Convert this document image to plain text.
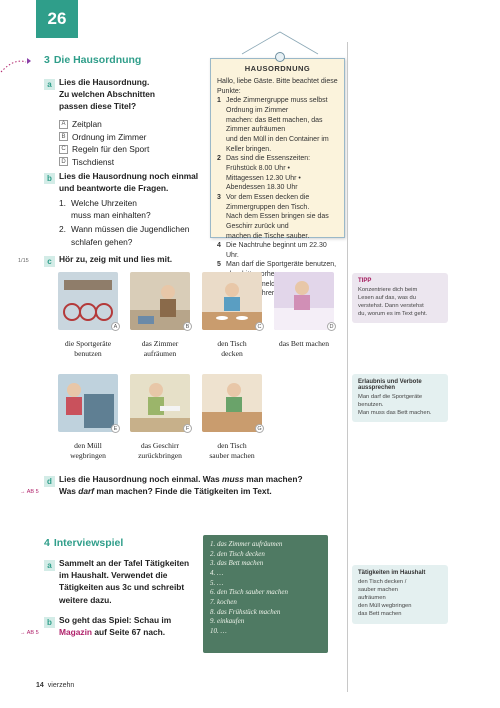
26
3 Die Hausordnung
a Lies die Hausordnung.
Zu welchen Abschnitten
passen diese Titel?
A Zeitplan
B Ordnung im Zimmer
C Regeln für den Sport
D Tischdienst
b Lies die Hausordnung noch einmal
und beantworte die Fragen.
1. Welche Uhrzeiten
muss man einhalten?
2. Wann müssen die Jugendlichen
schlafen gehen?
HAUSORDNUNG
Hallo, liebe Gäste. Bitte beachtet diese Punkte:
1 Jede Zimmergruppe muss selbst Ordnung im Zimmer
machen: das Bett machen, das Zimmer aufräumen
und den Müll in den Container im Keller bringen.
2 Das sind die Essenszeiten: Frühstück 8.00 Uhr •
Mittagessen 12.30 Uhr • Abendessen 18.30 Uhr
3 Vor dem Essen decken die Zimmergruppen den Tisch.
Nach dem Essen bringen sie das Geschirr zurück und
machen die Tische sauber.
4 Die Nachtruhe beginnt um 22.30 Uhr.
5 Man darf die Sportgeräte benutzen, vorher
anmelden!
1/15	c Hör zu, zeig mit und lies mit.
A	B	C	D
die Sportgeräte
benutzen
das Zimmer
aufräumen
den Tisch
decken
das Bett machen
E	F	G
den Müll
wegbringen
das Geschirr
zurückbringen
den Tisch
sauber machen
d Lies die Hausordnung noch einmal. Was muss man machen?
Was darf man machen? Finde die Tätigkeiten im Text.
→ AB 5
4 Interviewspiel
a Sammelt an der Tafel Tätigkeiten
im Haushalt. Verwendet die
Tätigkeiten aus 3c und schreibt
weitere dazu.
b So geht das Spiel: Schau im
Magazin auf Seite 67 nach.
→ AB 5
1. das Zimmer aufräumen
2. den Tisch decken
3. das Bett machen
4. …
5. …
6. den Tisch sauber machen
7. kochen
8. das Frühstück machen
9. einkaufen
10. …
TIPP
Konzentriere dich beim
Lesen auf das, was du
verstehst. Dann verstehst
du, worum es im Text geht.
Erlaubnis und Verbote
aussprechen
Man darf die Sportgeräte
benutzen.
Man muss das Bett machen.
Tätigkeiten im Haushalt
den Tisch decken /
sauber machen
aufräumen
den Müll wegbringen
das Bett machen
14 vierzehn
